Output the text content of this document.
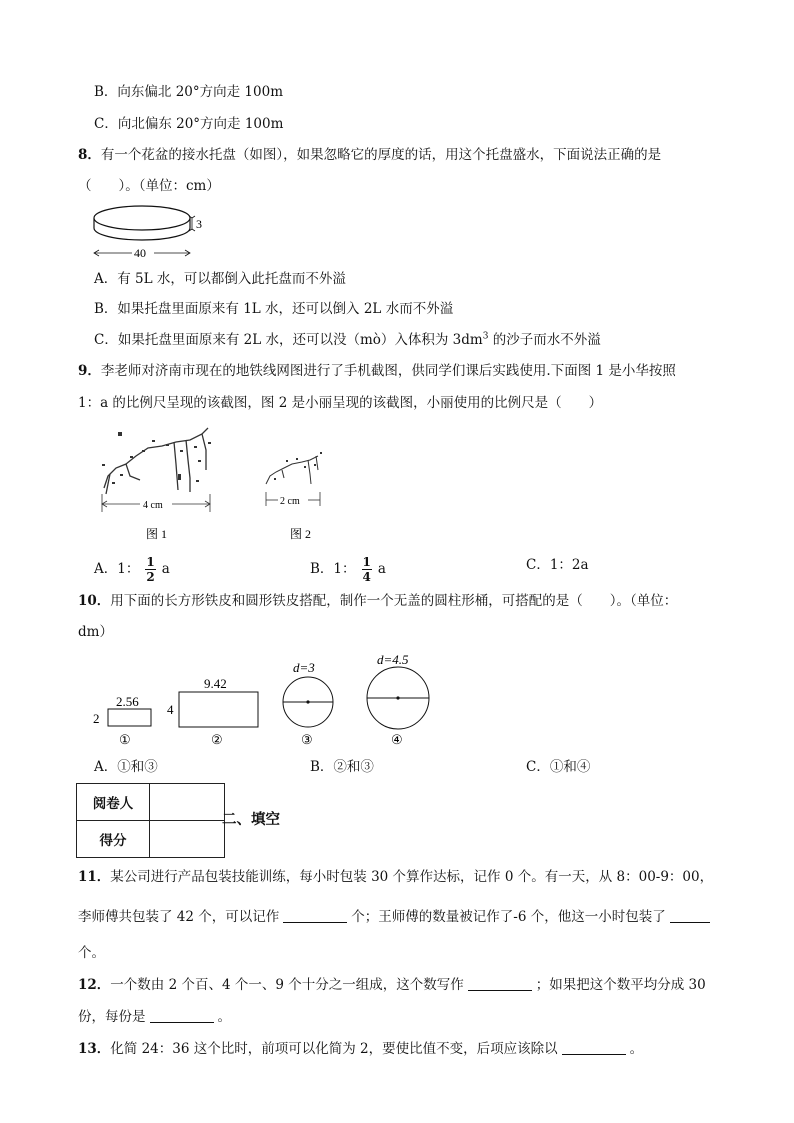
B．向东偏北 20°方向走 100m
C．向北偏东 20°方向走 100m
8．有一个花盆的接水托盘（如图），如果忽略它的厚度的话，用这个托盘盛水，下面说法正确的是
（　　）。（单位：cm）
3
40
A．有 5L 水，可以都倒入此托盘而不外溢
B．如果托盘里面原来有 1L 水，还可以倒入 2L 水而不外溢
C．如果托盘里面原来有 2L 水，还可以没（mò）入体积为 $3dm^3$ 的沙子而水不外溢
9．李老师对济南市现在的地铁线网图进行了手机截图，供同学们课后实践使用.下面图 1 是小华按照
1：a 的比例尺呈现的该截图，图 2 是小丽呈现的该截图，小丽使用的比例尺是（　　）
4 cm
图 1
2 cm
图 2
A．1： $\frac{1}{2}$ a	B．1： $\frac{1}{4}$ a	C．1：2a
10．用下面的长方形铁皮和圆形铁皮搭配，制作一个无盖的圆柱形桶，可搭配的是（　　）。（单位：
dm）
2.56
2
①
9.42
4
②
d=3
③
d=4.5
④
A．①和③	B．②和③	C．①和④
阅卷人	
得分	
二、填空
11．某公司进行产品包装技能训练，每小时包装 30 个算作达标，记作 0 个。有一天，从 8：00-9：00，
李师傅共包装了 42 个，可以记作	个；王师傅的数量被记作了-6 个，他这一小时包装了
个。
12．一个数由 2 个百、4 个一、9 个十分之一组成，这个数写作	；如果把这个数平均分成 30
份，每份是	。
13．化简 24：36 这个比时，前项可以化简为 2，要使比值不变，后项应该除以	。
